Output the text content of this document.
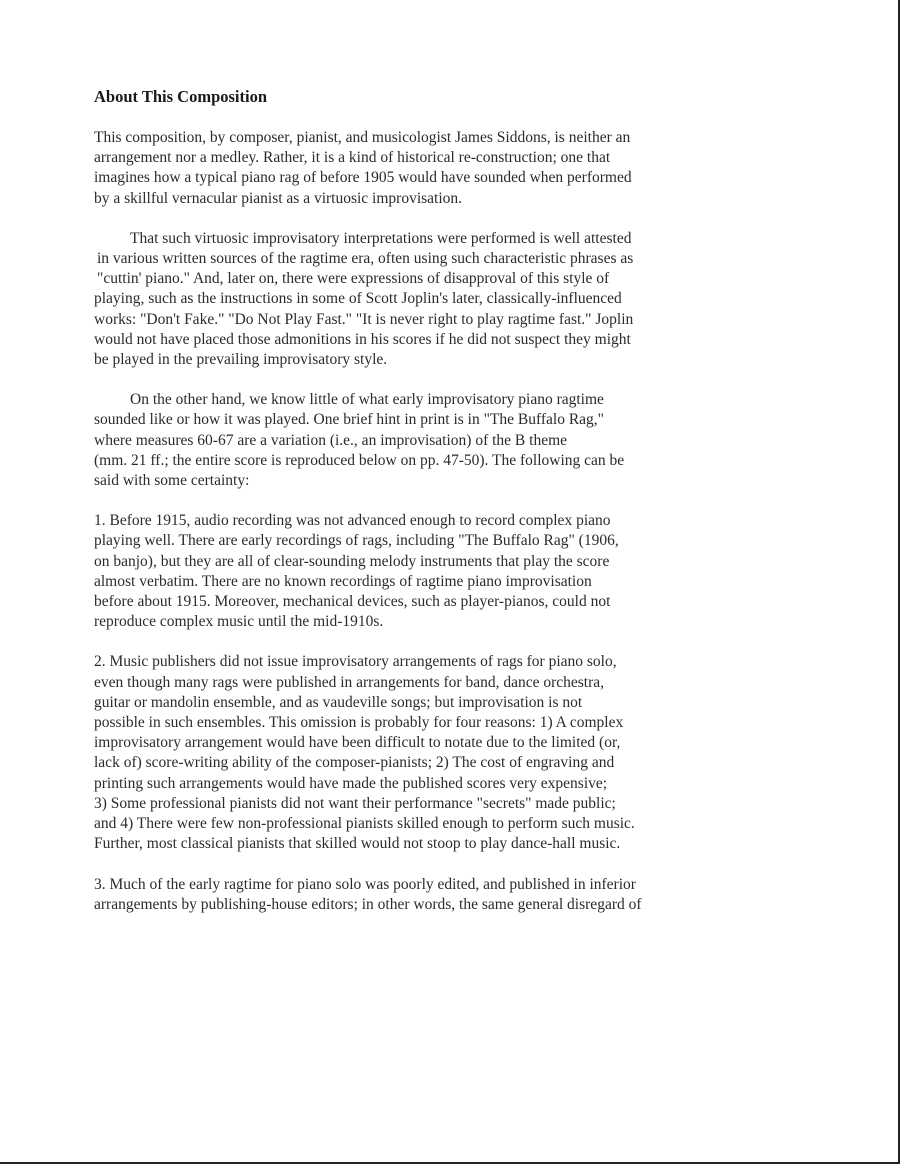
About This Composition
This composition, by composer, pianist, and musicologist James Siddons, is neither an
arrangement nor a medley. Rather, it is a kind of historical re-construction; one that
imagines how a typical piano rag of before 1905 would have sounded when performed
by a skillful vernacular pianist as a virtuosic improvisation.
That such virtuosic improvisatory interpretations were performed is well attested
in various written sources of the ragtime era, often using such characteristic phrases as
"cuttin' piano." And, later on, there were expressions of disapproval of this style of
playing, such as the instructions in some of Scott Joplin's later, classically-influenced
works: "Don't Fake." "Do Not Play Fast." "It is never right to play ragtime fast." Joplin
would not have placed those admonitions in his scores if he did not suspect they might
be played in the prevailing improvisatory style.
On the other hand, we know little of what early improvisatory piano ragtime
sounded like or how it was played. One brief hint in print is in "The Buffalo Rag,"
where measures 60-67 are a variation (i.e., an improvisation) of the B theme
(mm. 21 ff.; the entire score is reproduced below on pp. 47-50). The following can be
said with some certainty:
1. Before 1915, audio recording was not advanced enough to record complex piano
playing well. There are early recordings of rags, including "The Buffalo Rag" (1906,
on banjo), but they are all of clear-sounding melody instruments that play the score
almost verbatim. There are no known recordings of ragtime piano improvisation
before about 1915. Moreover, mechanical devices, such as player-pianos, could not
reproduce complex music until the mid-1910s.
2. Music publishers did not issue improvisatory arrangements of rags for piano solo,
even though many rags were published in arrangements for band, dance orchestra,
guitar or mandolin ensemble, and as vaudeville songs; but improvisation is not
possible in such ensembles. This omission is probably for four reasons: 1) A complex
improvisatory arrangement would have been difficult to notate due to the limited (or,
lack of) score-writing ability of the composer-pianists; 2) The cost of engraving and
printing such arrangements would have made the published scores very expensive;
3) Some professional pianists did not want their performance "secrets" made public;
and 4) There were few non-professional pianists skilled enough to perform such music.
Further, most classical pianists that skilled would not stoop to play dance-hall music.
3. Much of the early ragtime for piano solo was poorly edited, and published in inferior
arrangements by publishing-house editors; in other words, the same general disregard of
